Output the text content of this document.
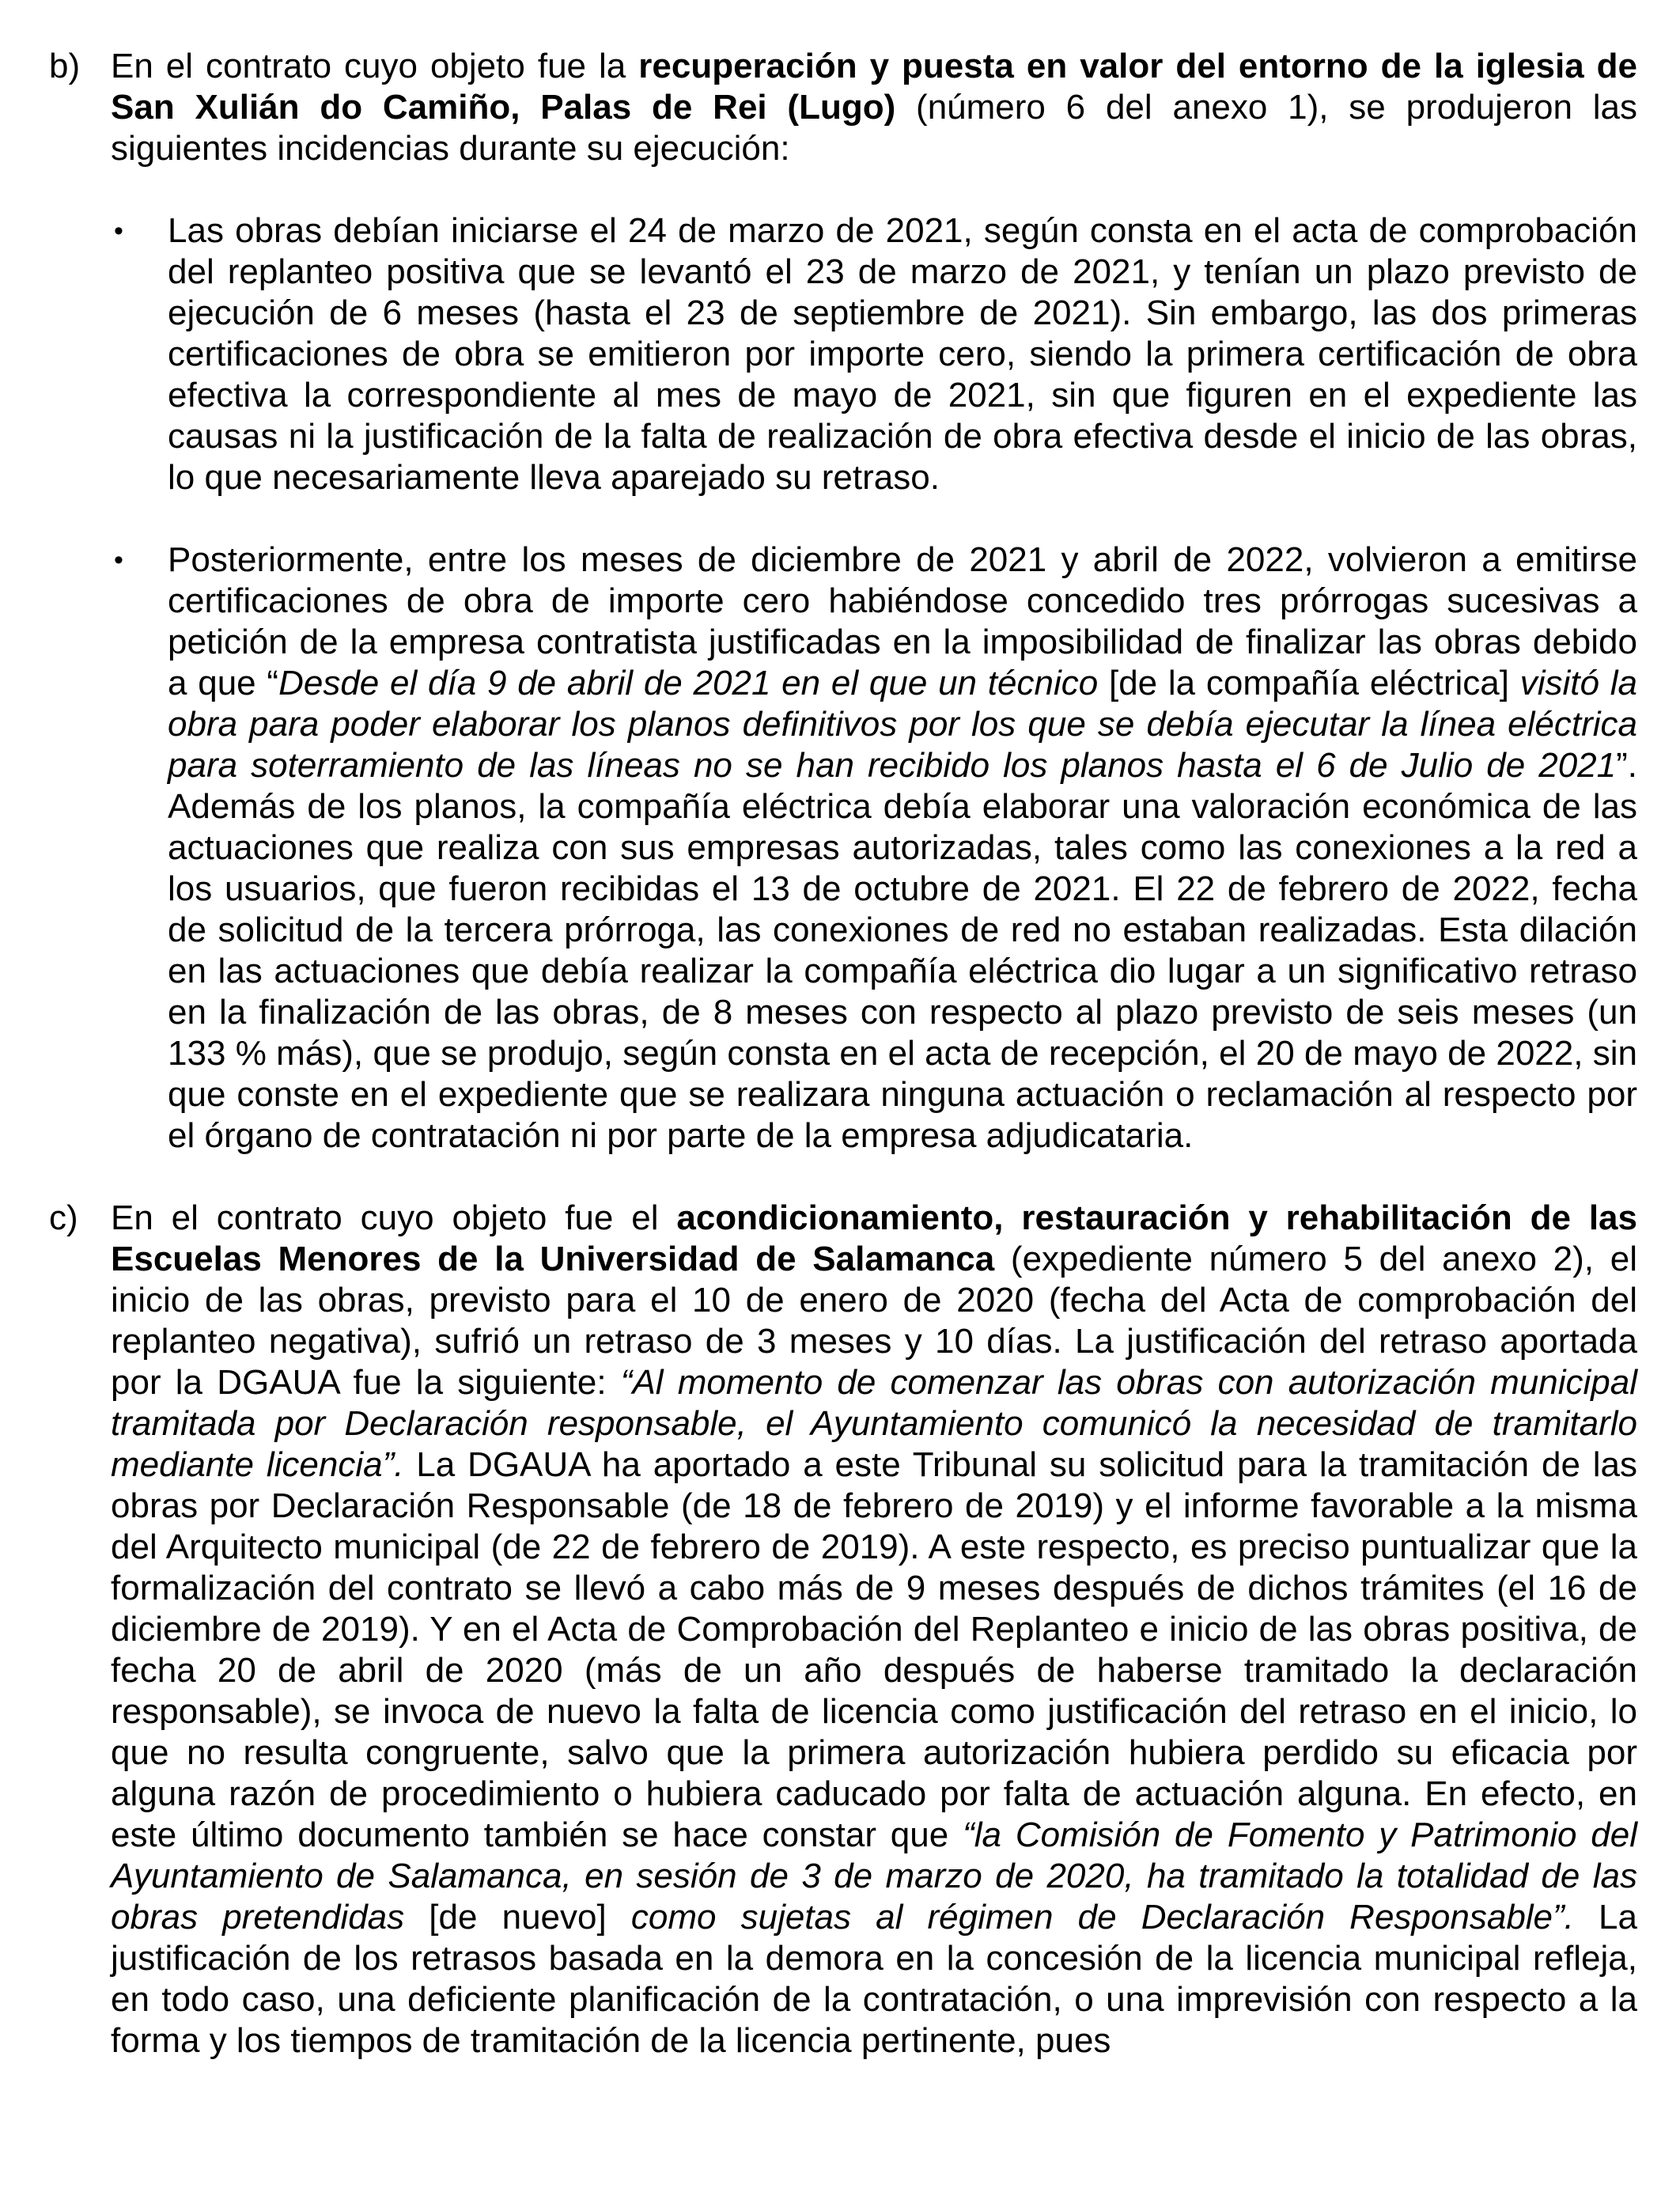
b) En el contrato cuyo objeto fue la recuperación y puesta en valor del entorno de la iglesia de San Xulián do Camiño, Palas de Rei (Lugo) (número 6 del anexo 1), se produjeron las siguientes incidencias durante su ejecución:
• Las obras debían iniciarse el 24 de marzo de 2021, según consta en el acta de comprobación del replanteo positiva que se levantó el 23 de marzo de 2021, y tenían un plazo previsto de ejecución de 6 meses (hasta el 23 de septiembre de 2021). Sin embargo, las dos primeras certificaciones de obra se emitieron por importe cero, siendo la primera certificación de obra efectiva la correspondiente al mes de mayo de 2021, sin que figuren en el expediente las causas ni la justificación de la falta de realización de obra efectiva desde el inicio de las obras, lo que necesariamente lleva aparejado su retraso.
• Posteriormente, entre los meses de diciembre de 2021 y abril de 2022, volvieron a emitirse certificaciones de obra de importe cero habiéndose concedido tres prórrogas sucesivas a petición de la empresa contratista justificadas en la imposibilidad de finalizar las obras debido a que “Desde el día 9 de abril de 2021 en el que un técnico [de la compañía eléctrica] visitó la obra para poder elaborar los planos definitivos por los que se debía ejecutar la línea eléctrica para soterramiento de las líneas no se han recibido los planos hasta el 6 de Julio de 2021”. Además de los planos, la compañía eléctrica debía elaborar una valoración económica de las actuaciones que realiza con sus empresas autorizadas, tales como las conexiones a la red a los usuarios, que fueron recibidas el 13 de octubre de 2021. El 22 de febrero de 2022, fecha de solicitud de la tercera prórroga, las conexiones de red no estaban realizadas. Esta dilación en las actuaciones que debía realizar la compañía eléctrica dio lugar a un significativo retraso en la finalización de las obras, de 8 meses con respecto al plazo previsto de seis meses (un 133 % más), que se produjo, según consta en el acta de recepción, el 20 de mayo de 2022, sin que conste en el expediente que se realizara ninguna actuación o reclamación al respecto por el órgano de contratación ni por parte de la empresa adjudicataria.
c) En el contrato cuyo objeto fue el acondicionamiento, restauración y rehabilitación de las Escuelas Menores de la Universidad de Salamanca (expediente número 5 del anexo 2), el inicio de las obras, previsto para el 10 de enero de 2020 (fecha del Acta de comprobación del replanteo negativa), sufrió un retraso de 3 meses y 10 días. La justificación del retraso aportada por la DGAUA fue la siguiente: “Al momento de comenzar las obras con autorización municipal tramitada por Declaración responsable, el Ayuntamiento comunicó la necesidad de tramitarlo mediante licencia”. La DGAUA ha aportado a este Tribunal su solicitud para la tramitación de las obras por Declaración Responsable (de 18 de febrero de 2019) y el informe favorable a la misma del Arquitecto municipal (de 22 de febrero de 2019). A este respecto, es preciso puntualizar que la formalización del contrato se llevó a cabo más de 9 meses después de dichos trámites (el 16 de diciembre de 2019). Y en el Acta de Comprobación del Replanteo e inicio de las obras positiva, de fecha 20 de abril de 2020 (más de un año después de haberse tramitado la declaración responsable), se invoca de nuevo la falta de licencia como justificación del retraso en el inicio, lo que no resulta congruente, salvo que la primera autorización hubiera perdido su eficacia por alguna razón de procedimiento o hubiera caducado por falta de actuación alguna. En efecto, en este último documento también se hace constar que “la Comisión de Fomento y Patrimonio del Ayuntamiento de Salamanca, en sesión de 3 de marzo de 2020, ha tramitado la totalidad de las obras pretendidas [de nuevo] como sujetas al régimen de Declaración Responsable”. La justificación de los retrasos basada en la demora en la concesión de la licencia municipal refleja, en todo caso, una deficiente planificación de la contratación, o una imprevisión con respecto a la forma y los tiempos de tramitación de la licencia pertinente, pues
